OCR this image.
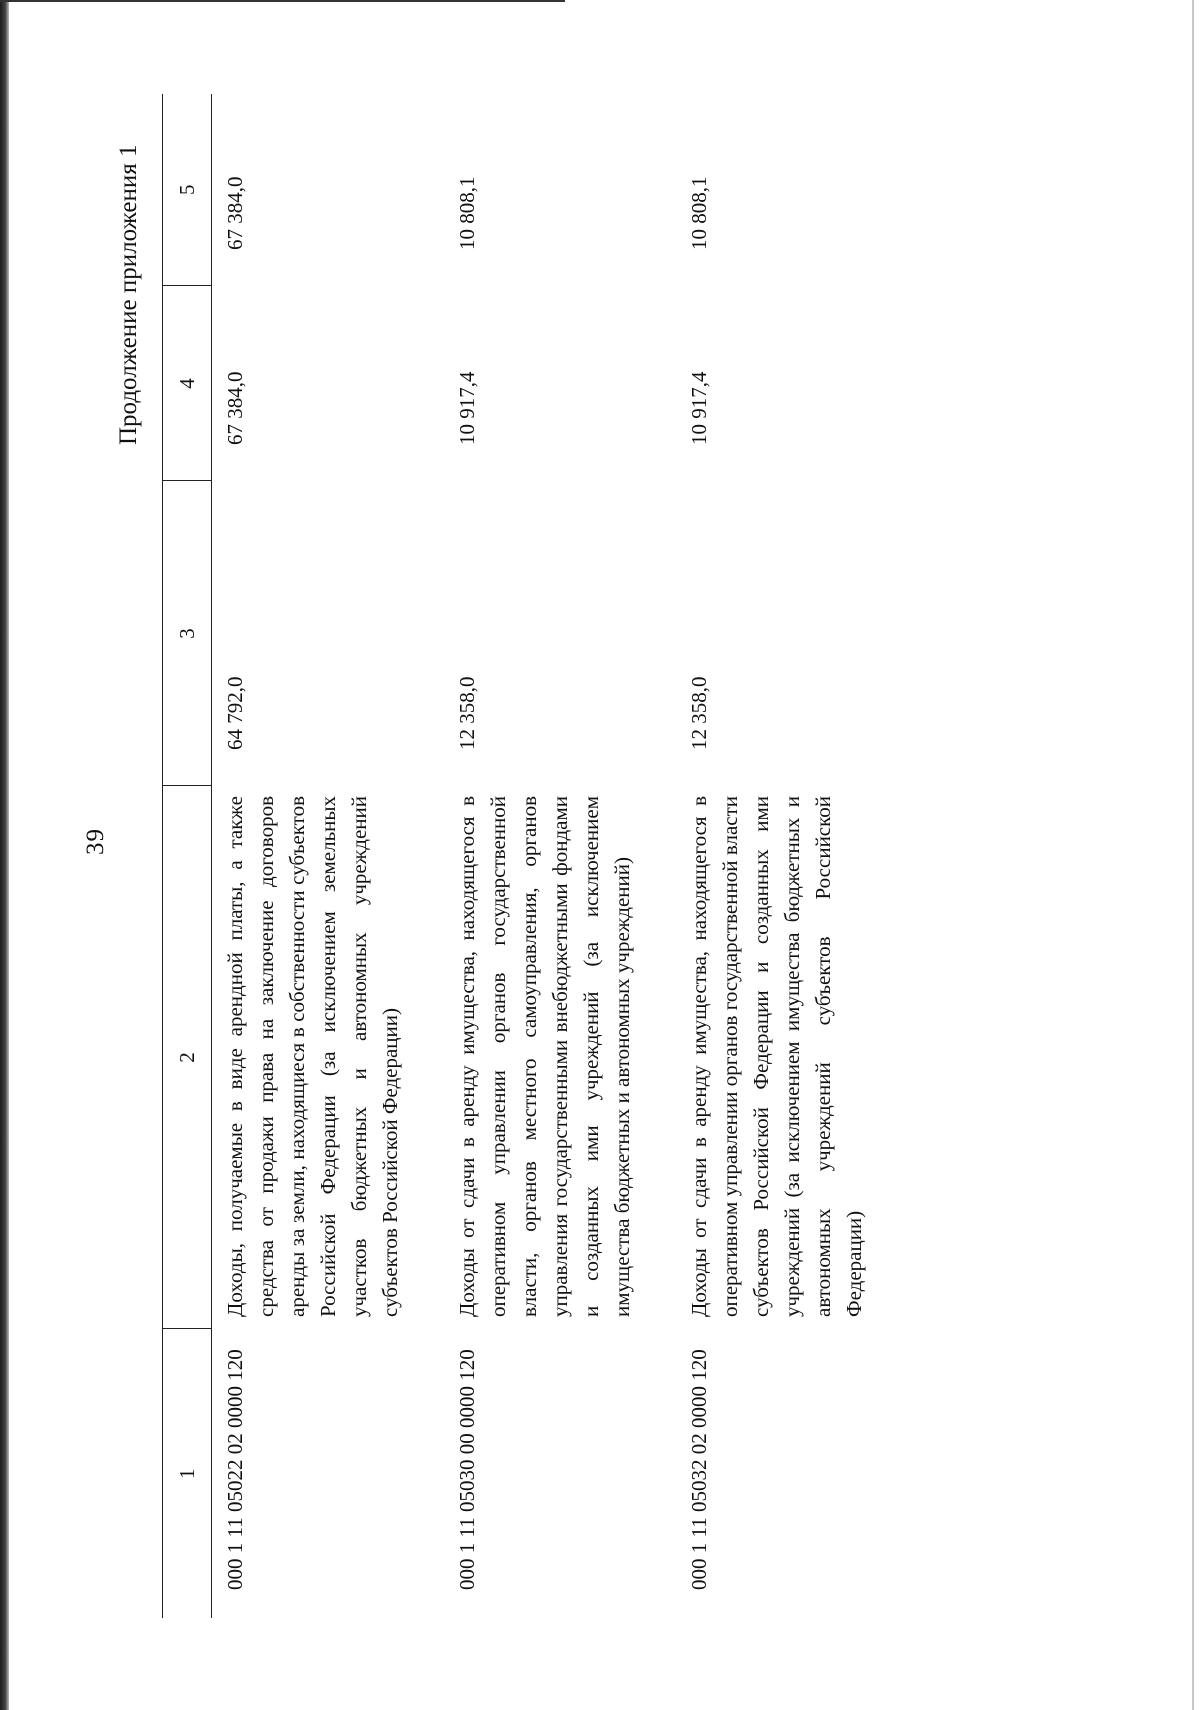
39
Продолжение приложения 1
1	2	3	4	5
000 1 11 05022 02 0000 120	Доходы, получаемые в виде арендной платы, а также средства от продажи права на заключение договоров аренды за земли, находящиеся в собственности субъектов Российской Федерации (за исключением земельных участков бюджетных и автономных учреждений субъектов Российской Федерации)	64 792,0	67 384,0	67 384,0
000 1 11 05030 00 0000 120	Доходы от сдачи в аренду имущества, находящегося в оперативном управлении органов государственной власти, органов местного самоуправления, органов управления государственными внебюджетными фондами и созданных ими учреждений (за исключением имущества бюджетных и автономных учреждений)	12 358,0	10 917,4	10 808,1
000 1 11 05032 02 0000 120	Доходы от сдачи в аренду имущества, находящегося в оперативном управлении органов государственной власти субъектов Российской Федерации и созданных ими учреждений (за исключением имущества бюджетных и автономных учреждений субъектов Российской Федерации)	12 358,0	10 917,4	10 808,1
